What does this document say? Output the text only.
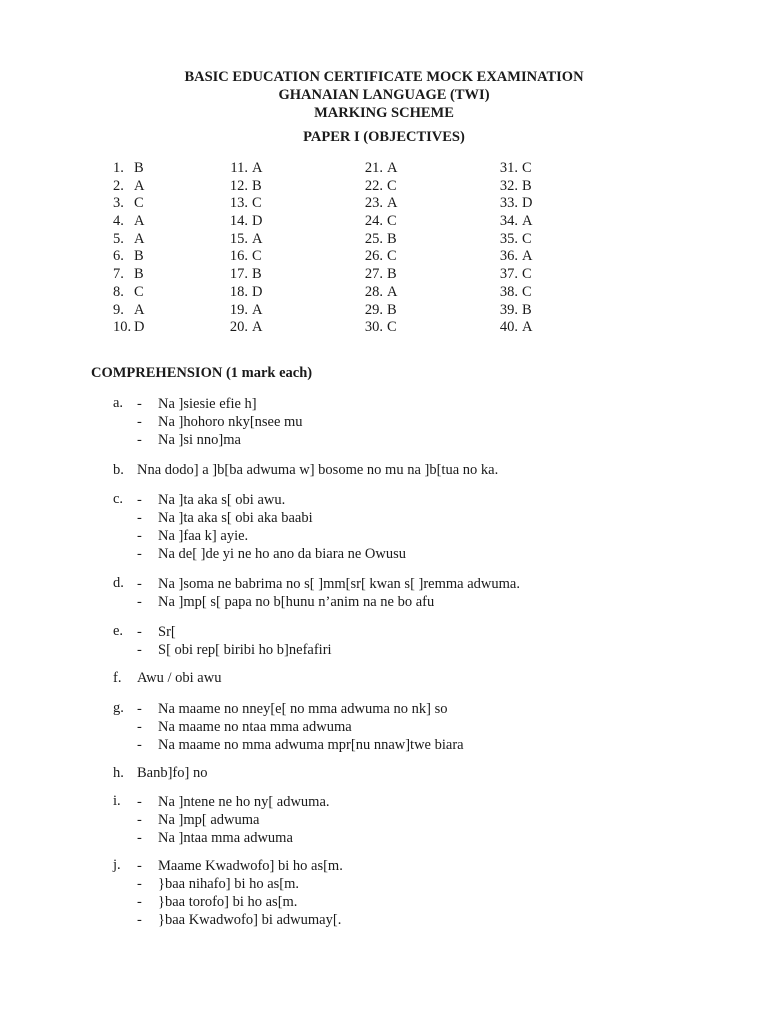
BASIC EDUCATION CERTIFICATE MOCK EXAMINATION
GHANAIAN LANGUAGE (TWI)
MARKING SCHEME
PAPER I (OBJECTIVES)
1. B
2. A
3. C
4. A
5. A
6. B
7. B
8. C
9. A
10. D
11. A
12. B
13. C
14. D
15. A
16. C
17. B
18. D
19. A
20. A
21. A
22. C
23. A
24. C
25. B
26. C
27. B
28. A
29. B
30. C
31. C
32. B
33. D
34. A
35. C
36. A
37. C
38. C
39. B
40. A
COMPREHENSION (1 mark each)
a. - Na ]siesie efie h]
- Na ]hohoro nky[nsee mu
- Na ]si nno]ma
b. Nna dodo] a ]b[ba adwuma w] bosome no mu na ]b[tua no ka.
c. - Na ]ta aka s[ obi awu.
- Na ]ta aka s[ obi aka baabi
- Na ]faa k] ayie.
- Na de[ ]de yi ne ho ano da biara ne Owusu
d. - Na ]soma ne babrima no s[ ]mm[sr[ kwan s[ ]remma adwuma.
- Na ]mp[ s[ papa no b[hunu n’anim na ne bo afu
e. - Sr[
- S[ obi rep[ biribi ho b]nefafiri
f. Awu / obi awu
g. - Na maame no nney[e[ no mma adwuma no nk] so
- Na maame no ntaa mma adwuma
- Na maame no mma adwuma mpr[nu nnaw]twe biara
h. Banb]fo] no
i. - Na ]ntene ne ho ny[ adwuma.
- Na ]mp[ adwuma
- Na ]ntaa mma adwuma
j. - Maame Kwadwofo] bi ho as[m.
- }baa nihafo] bi ho as[m.
- }baa torofo] bi ho as[m.
- }baa Kwadwofo] bi adwumay[.
